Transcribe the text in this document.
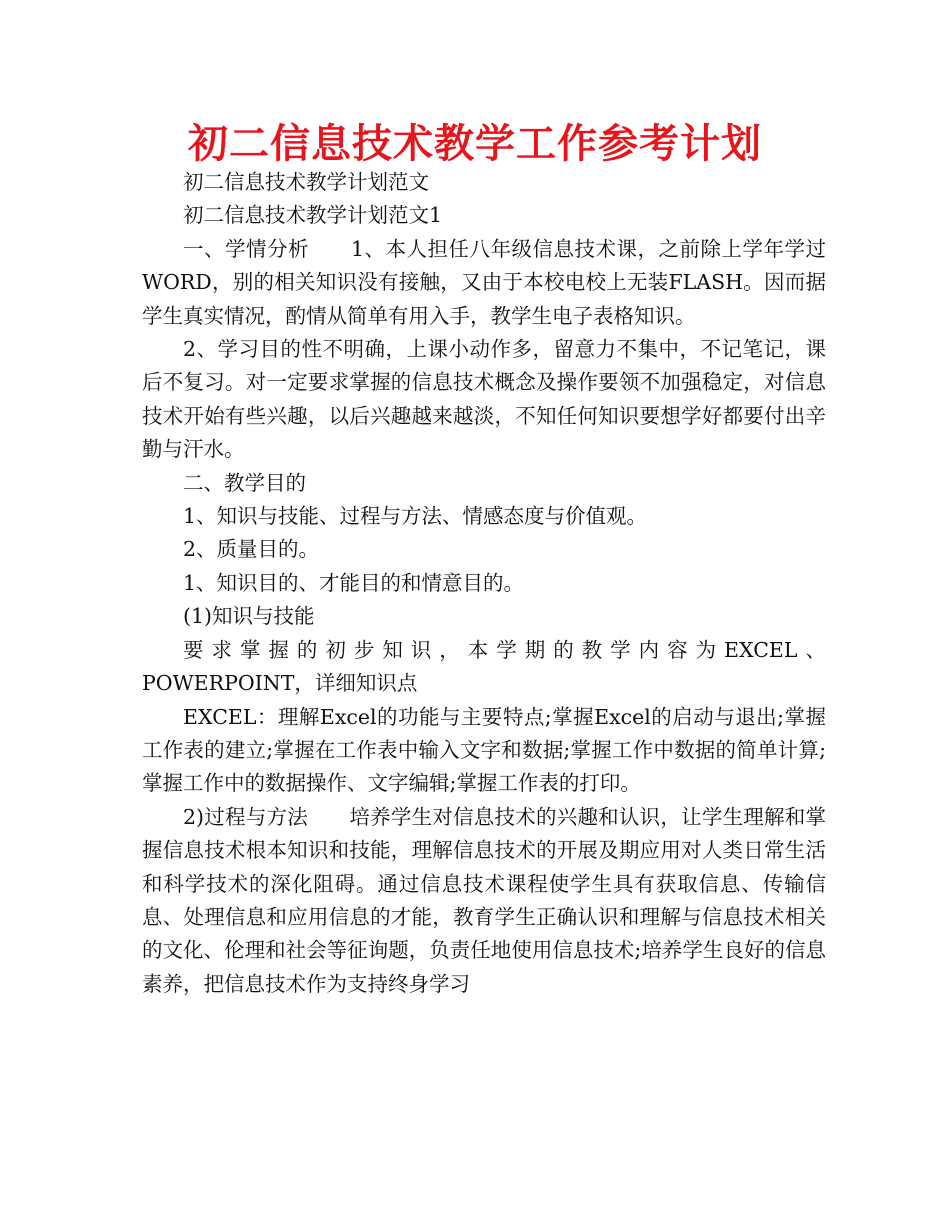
初二信息技术教学工作参考计划

初二信息技术教学计划范文

初二信息技术教学计划范文1

一、学情分析　　1、本人担任八年级信息技术课，之前除上学年学过WORD，别的相关知识没有接触，又由于本校电校上无装FLASH。因而据学生真实情况，酌情从简单有用入手，教学生电子表格知识。

2、学习目的性不明确，上课小动作多，留意力不集中，不记笔记，课后不复习。对一定要求掌握的信息技术概念及操作要领不加强稳定，对信息技术开始有些兴趣，以后兴趣越来越淡，不知任何知识要想学好都要付出辛勤与汗水。

二、教学目的

1、知识与技能、过程与方法、情感态度与价值观。

2、质量目的。

1、知识目的、才能目的和情意目的。

(1)知识与技能

要求掌握的初步知识，本学期的教学内容为EXCEL、POWERPOINT，详细知识点

EXCEL：理解Excel的功能与主要特点;掌握Excel的启动与退出;掌握工作表的建立;掌握在工作表中输入文字和数据;掌握工作中数据的简单计算;掌握工作中的数据操作、文字编辑;掌握工作表的打印。

2)过程与方法　　培养学生对信息技术的兴趣和认识，让学生理解和掌握信息技术根本知识和技能，理解信息技术的开展及期应用对人类日常生活和科学技术的深化阻碍。通过信息技术课程使学生具有获取信息、传输信息、处理信息和应用信息的才能，教育学生正确认识和理解与信息技术相关的文化、伦理和社会等征询题，负责任地使用信息技术;培养学生良好的信息素养，把信息技术作为支持终身学习
